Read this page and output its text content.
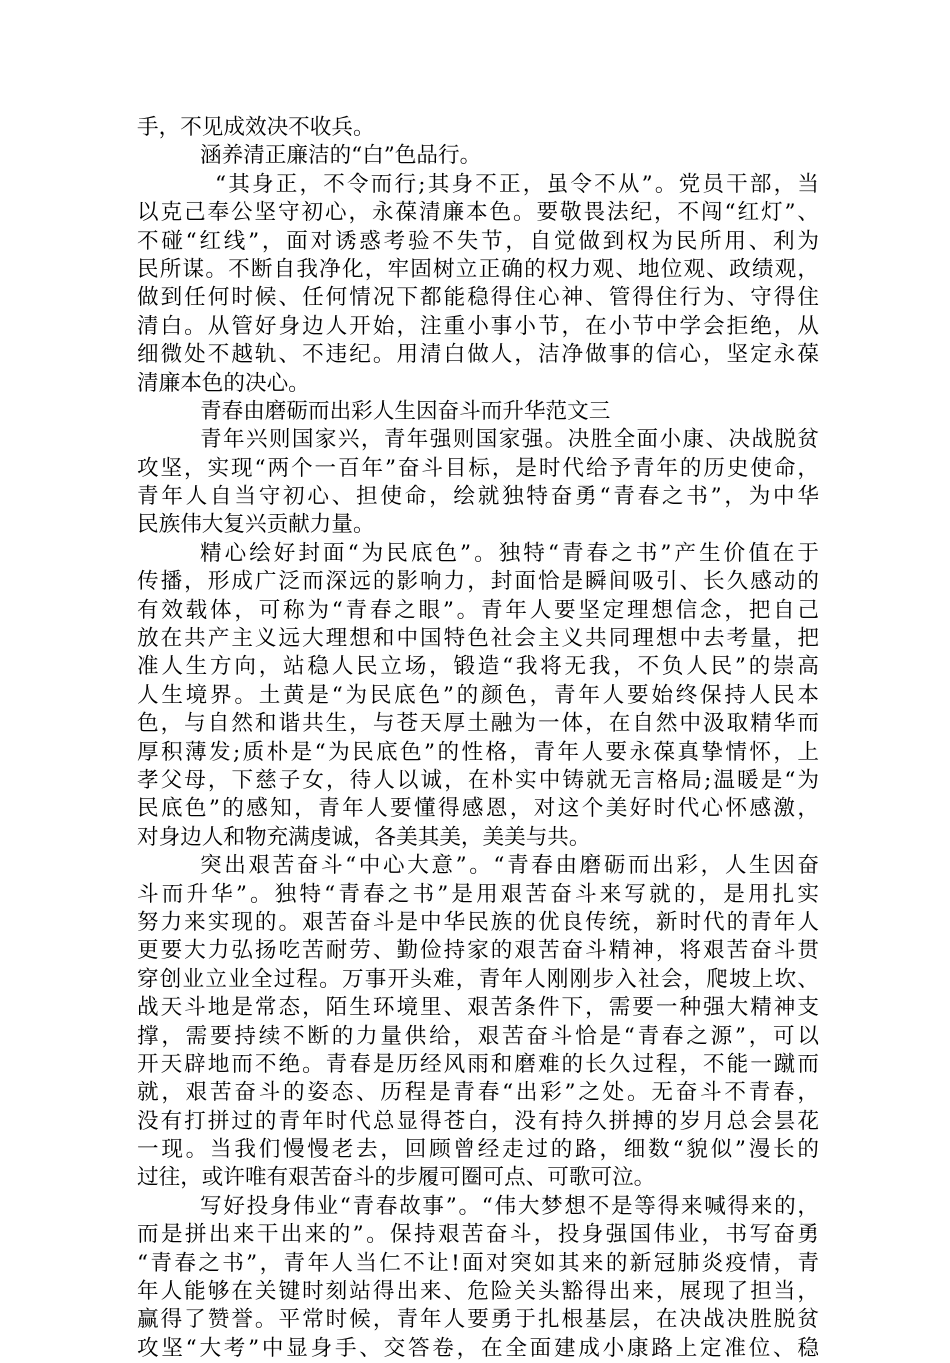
手，不见成效决不收兵。
涵养清正廉洁的“白”色品行。
“其身正，不令而行;其身不正，虽令不从”。党员干部，当
以克己奉公坚守初心，永葆清廉本色。要敬畏法纪，不闯“红灯”、
不碰“红线”，面对诱惑考验不失节，自觉做到权为民所用、利为
民所谋。不断自我净化，牢固树立正确的权力观、地位观、政绩观，
做到任何时候、任何情况下都能稳得住心神、管得住行为、守得住
清白。从管好身边人开始，注重小事小节，在小节中学会拒绝，从
细微处不越轨、不违纪。用清白做人，洁净做事的信心，坚定永葆
清廉本色的决心。
青春由磨砺而出彩人生因奋斗而升华范文三
青年兴则国家兴，青年强则国家强。决胜全面小康、决战脱贫
攻坚，实现“两个一百年”奋斗目标，是时代给予青年的历史使命，
青年人自当守初心、担使命，绘就独特奋勇“青春之书”，为中华
民族伟大复兴贡献力量。
精心绘好封面“为民底色”。独特“青春之书”产生价值在于
传播，形成广泛而深远的影响力，封面恰是瞬间吸引、长久感动的
有效载体，可称为“青春之眼”。青年人要坚定理想信念，把自己
放在共产主义远大理想和中国特色社会主义共同理想中去考量，把
准人生方向，站稳人民立场，锻造“我将无我，不负人民”的崇高
人生境界。土黄是“为民底色”的颜色，青年人要始终保持人民本
色，与自然和谐共生，与苍天厚土融为一体，在自然中汲取精华而
厚积薄发;质朴是“为民底色”的性格，青年人要永葆真挚情怀，上
孝父母，下慈子女，待人以诚，在朴实中铸就无言格局;温暖是“为
民底色”的感知，青年人要懂得感恩，对这个美好时代心怀感激，
对身边人和物充满虔诚，各美其美，美美与共。
突出艰苦奋斗“中心大意”。“青春由磨砺而出彩，人生因奋
斗而升华”。独特“青春之书”是用艰苦奋斗来写就的，是用扎实
努力来实现的。艰苦奋斗是中华民族的优良传统，新时代的青年人
更要大力弘扬吃苦耐劳、勤俭持家的艰苦奋斗精神，将艰苦奋斗贯
穿创业立业全过程。万事开头难，青年人刚刚步入社会，爬坡上坎、
战天斗地是常态，陌生环境里、艰苦条件下，需要一种强大精神支
撑，需要持续不断的力量供给，艰苦奋斗恰是“青春之源”，可以
开天辟地而不绝。青春是历经风雨和磨难的长久过程，不能一蹴而
就，艰苦奋斗的姿态、历程是青春“出彩”之处。无奋斗不青春，
没有打拼过的青年时代总显得苍白，没有持久拼搏的岁月总会昙花
一现。当我们慢慢老去，回顾曾经走过的路，细数“貌似”漫长的
过往，或许唯有艰苦奋斗的步履可圈可点、可歌可泣。
写好投身伟业“青春故事”。“伟大梦想不是等得来喊得来的，
而是拼出来干出来的”。保持艰苦奋斗，投身强国伟业，书写奋勇
“青春之书”，青年人当仁不让!面对突如其来的新冠肺炎疫情，青
年人能够在关键时刻站得出来、危险关头豁得出来，展现了担当，
赢得了赞誉。平常时候，青年人要勇于扎根基层，在决战决胜脱贫
攻坚“大考”中显身手、交答卷，在全面建成小康路上定准位、稳
